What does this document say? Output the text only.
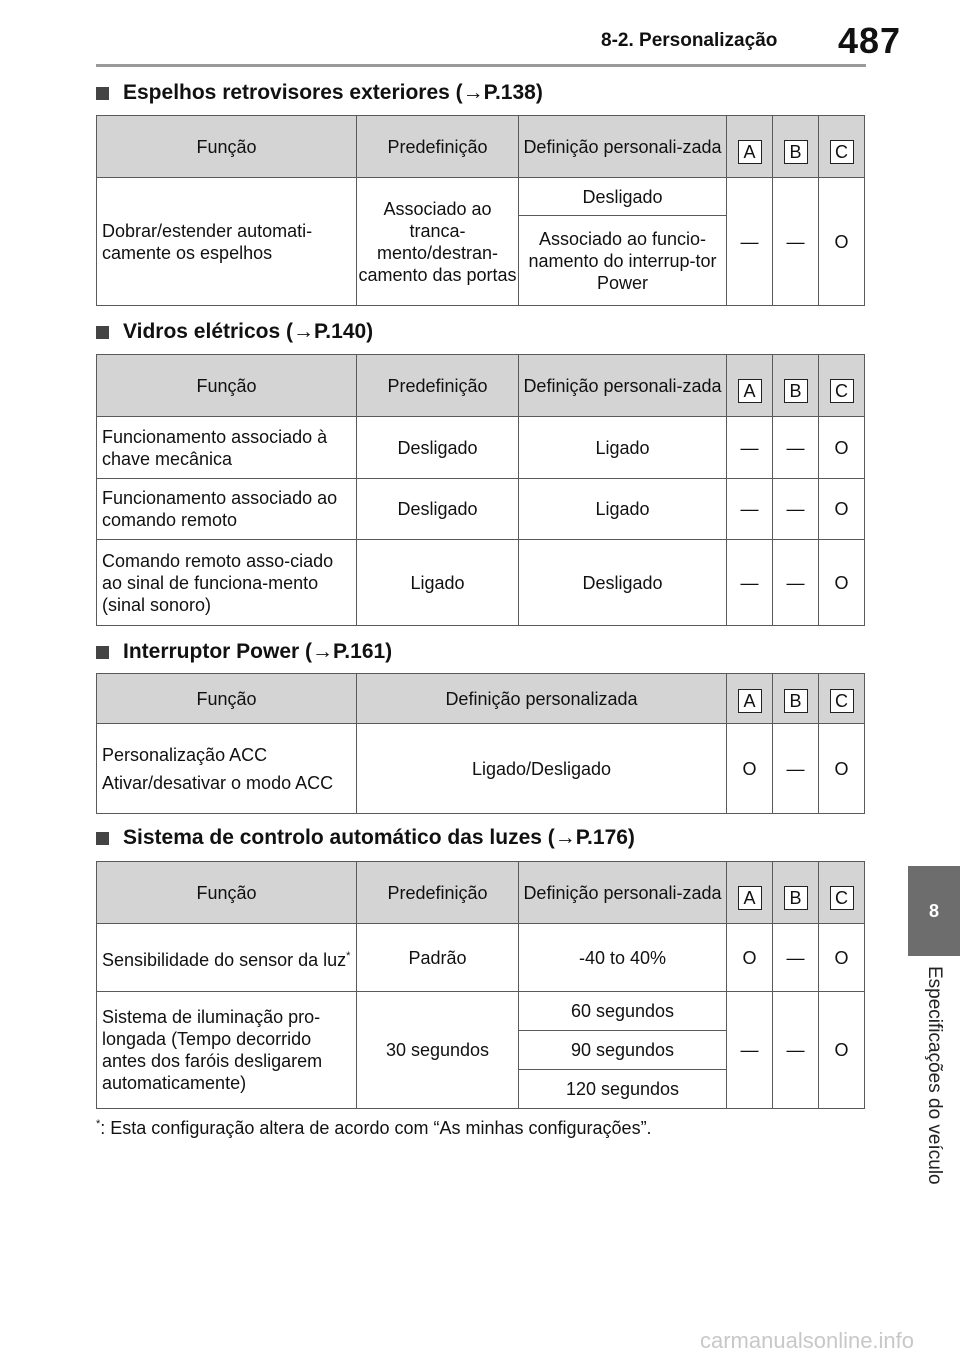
8-2. Personalização 487
8
Especificações do veículo
Espelhos retrovisores exteriores (→P.138)
Função	Predefinição	Definição personali-zada	A	B	C
Dobrar/estender automati-camente os espelhos	Associado ao tranca-mento/destran-camento das portas	Desligado	—	—	O
		Associado ao funcio-namento do interrup-tor Power			
Vidros elétricos (→P.140)
Função	Predefinição	Definição personali-zada	A	B	C
Funcionamento associado à chave mecânica	Desligado	Ligado	—	—	O
Funcionamento associado ao comando remoto	Desligado	Ligado	—	—	O
Comando remoto asso-ciado ao sinal de funciona-mento (sinal sonoro)	Ligado	Desligado	—	—	O
Interruptor Power (→P.161)
Função	Definição personalizada	A	B	C

Personalização ACC
Ativar/desativar o modo ACC	Ligado/Desligado	O	—	O
Sistema de controlo automático das luzes (→P.176)
Função	Predefinição	Definição personali-zada	A	B	C
Sensibilidade do sensor da luz*	Padrão	-40 to 40%	O	—	O
Sistema de iluminação pro-longada (Tempo decorrido antes dos faróis desligarem automaticamente)	30 segundos	60 segundos	—	—	O
		90 segundos			
		120 segundos			
*: Esta configuração altera de acordo com “As minhas configurações”.
carmanualsonline.info
